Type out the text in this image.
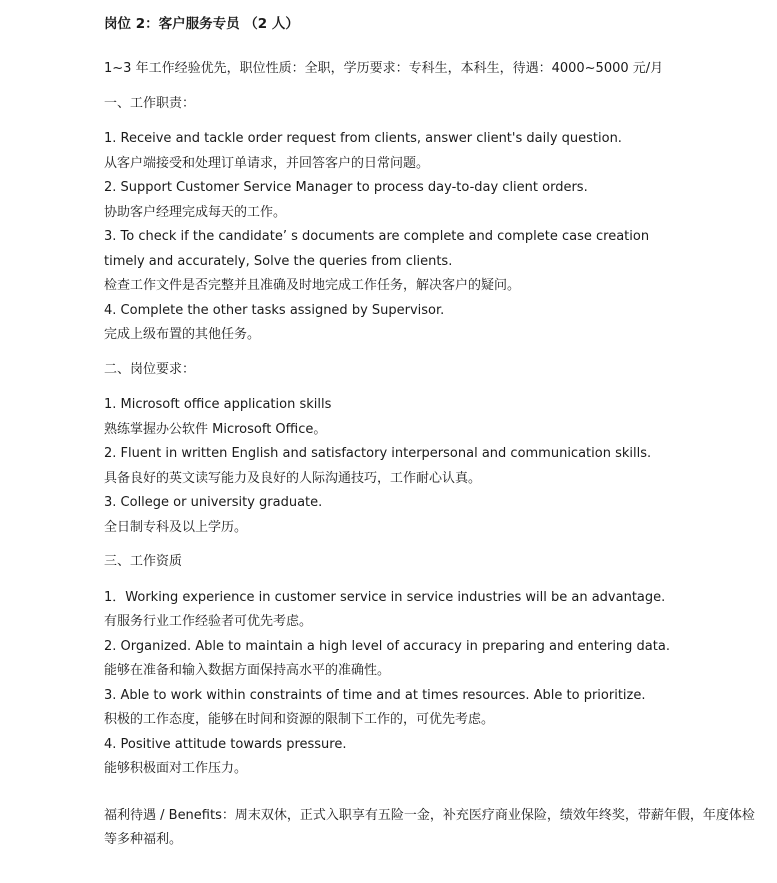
岗位 2：客户服务专员 （2 人）

1~3 年工作经验优先，职位性质：全职，学历要求：专科生，本科生，待遇：4000~5000 元/月

一、工作职责：

1. Receive and tackle order request from clients, answer client's daily question.

从客户端接受和处理订单请求，并回答客户的日常问题。

2. Support Customer Service Manager to process day-to-day client orders.

协助客户经理完成每天的工作。

3. To check if the candidate’ s documents are complete and complete case creation

timely and accurately, Solve the queries from clients.

检查工作文件是否完整并且准确及时地完成工作任务，解决客户的疑问。

4. Complete the other tasks assigned by Supervisor.

完成上级布置的其他任务。

二、岗位要求：

1. Microsoft office application skills

熟练掌握办公软件 Microsoft Office。

2. Fluent in written English and satisfactory interpersonal and communication skills.

具备良好的英文读写能力及良好的人际沟通技巧，工作耐心认真。

3. College or university graduate.

全日制专科及以上学历。

三、工作资质

1．Working experience in customer service in service industries will be an advantage.

有服务行业工作经验者可优先考虑。

2. Organized. Able to maintain a high level of accuracy in preparing and entering data.

能够在准备和输入数据方面保持高水平的准确性。

3. Able to work within constraints of time and at times resources. Able to prioritize.

积极的工作态度，能够在时间和资源的限制下工作的，可优先考虑。

4. Positive attitude towards pressure.

能够积极面对工作压力。

福利待遇 / Benefits：周末双休，正式入职享有五险一金，补充医疗商业保险，绩效年终奖，带薪年假，年度体检等多种福利。
